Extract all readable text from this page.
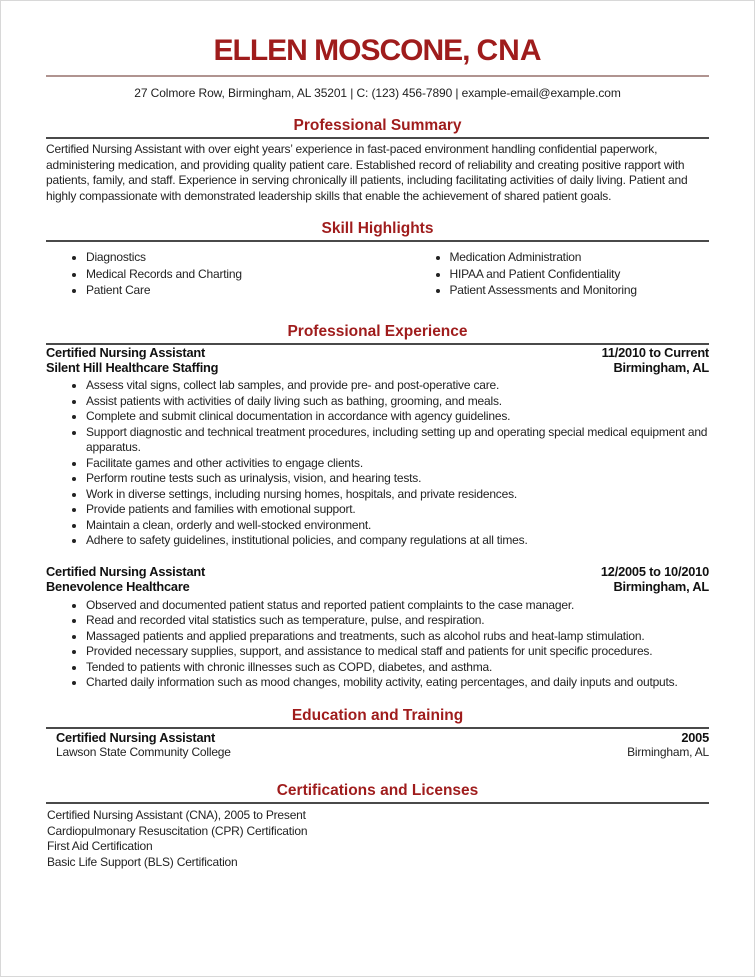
ELLEN MOSCONE, CNA
27 Colmore Row, Birmingham, AL 35201 | C: (123) 456-7890 | example-email@example.com
Professional Summary

Certified Nursing Assistant with over eight years’ experience in fast-paced environment handling confidential paperwork, administering medication, and providing quality patient care. Established record of reliability and creating positive rapport with patients, family, and staff. Experience in serving chronically ill patients, including facilitating activities of daily living. Patient and highly compassionate with demonstrated leadership skills that enable the achievement of shared patient goals.

Skill Highlights
• Diagnostics
• Medical Records and Charting
• Patient Care
• Medication Administration
• HIPAA and Patient Confidentiality
• Patient Assessments and Monitoring
Professional Experience
Certified Nursing Assistant
Silent Hill Healthcare Staffing
11/2010 to Current
Birmingham, AL
• Assess vital signs, collect lab samples, and provide pre- and post-operative care.
• Assist patients with activities of daily living such as bathing, grooming, and meals.
• Complete and submit clinical documentation in accordance with agency guidelines.
• Support diagnostic and technical treatment procedures, including setting up and operating special medical equipment and apparatus.
• Facilitate games and other activities to engage clients.
• Perform routine tests such as urinalysis, vision, and hearing tests.
• Work in diverse settings, including nursing homes, hospitals, and private residences.
• Provide patients and families with emotional support.
• Maintain a clean, orderly and well-stocked environment.
• Adhere to safety guidelines, institutional policies, and company regulations at all times.
Certified Nursing Assistant
Benevolence Healthcare
12/2005 to 10/2010
Birmingham, AL
• Observed and documented patient status and reported patient complaints to the case manager.
• Read and recorded vital statistics such as temperature, pulse, and respiration.
• Massaged patients and applied preparations and treatments, such as alcohol rubs and heat-lamp stimulation.
• Provided necessary supplies, support, and assistance to medical staff and patients for unit specific procedures.
• Tended to patients with chronic illnesses such as COPD, diabetes, and asthma.
• Charted daily information such as mood changes, mobility activity, eating percentages, and daily inputs and outputs.
Education and Training
Certified Nursing Assistant
Lawson State Community College
2005
Birmingham, AL
Certifications and Licenses
Certified Nursing Assistant (CNA), 2005 to Present
Cardiopulmonary Resuscitation (CPR) Certification
First Aid Certification
Basic Life Support (BLS) Certification
